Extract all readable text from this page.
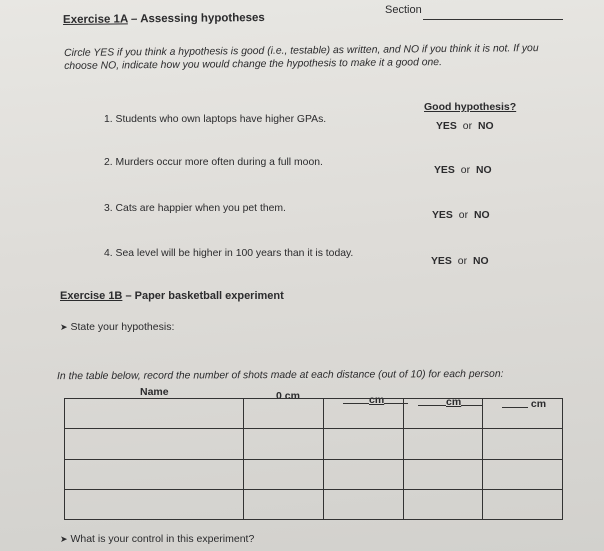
Section
Exercise 1A – Assessing hypotheses
Circle YES if you think a hypothesis is good (i.e., testable) as written, and NO if you think it is not. If you
choose NO, indicate how you would change the hypothesis to make it a good one.
Good hypothesis?
1. Students who own laptops have higher GPAs.
YES or NO
2. Murders occur more often during a full moon.
YES or NO
3. Cats are happier when you pet them.
YES or NO
4. Sea level will be higher in 100 years than it is today.
YES or NO
Exercise 1B – Paper basketball experiment
➤ State your hypothesis:
In the table below, record the number of shots made at each distance (out of 10) for each person:
Name	0 cm	cm	cm	cm

➤ What is your control in this experiment?
